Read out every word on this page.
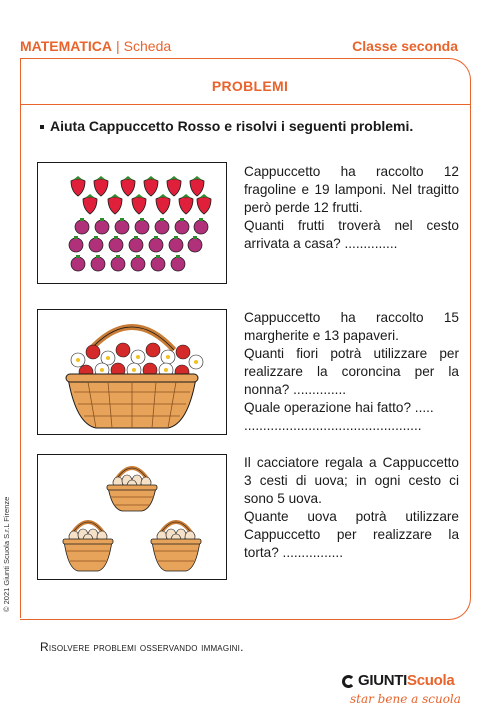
MATEMATICA | Scheda	Classe seconda
PROBLEMI
Aiuta Cappuccetto Rosso e risolvi i seguenti problemi.

Cappuccetto ha raccolto 12 fragoline e 19 lamponi. Nel tragitto però perde 12 frutti.

Quanti frutti troverà nel cesto arrivata a casa? ..............

Cappuccetto ha raccolto 15 margherite e 13 papaveri.

Quanti fiori potrà utilizzare per realizzare la coroncina per la nonna? ..............

Quale operazione hai fatto? .....

...............................................

Il cacciatore regala a Cappuccetto 3 cesti di uova; in ogni cesto ci sono 5 uova.

Quante uova potrà utilizzare Cappuccetto per realizzare la torta? ................

Risolvere problemi osservando immagini.
© 2021 Giunti Scuola S.r.L Firenze
GIUNTIScuola
star bene a scuola
